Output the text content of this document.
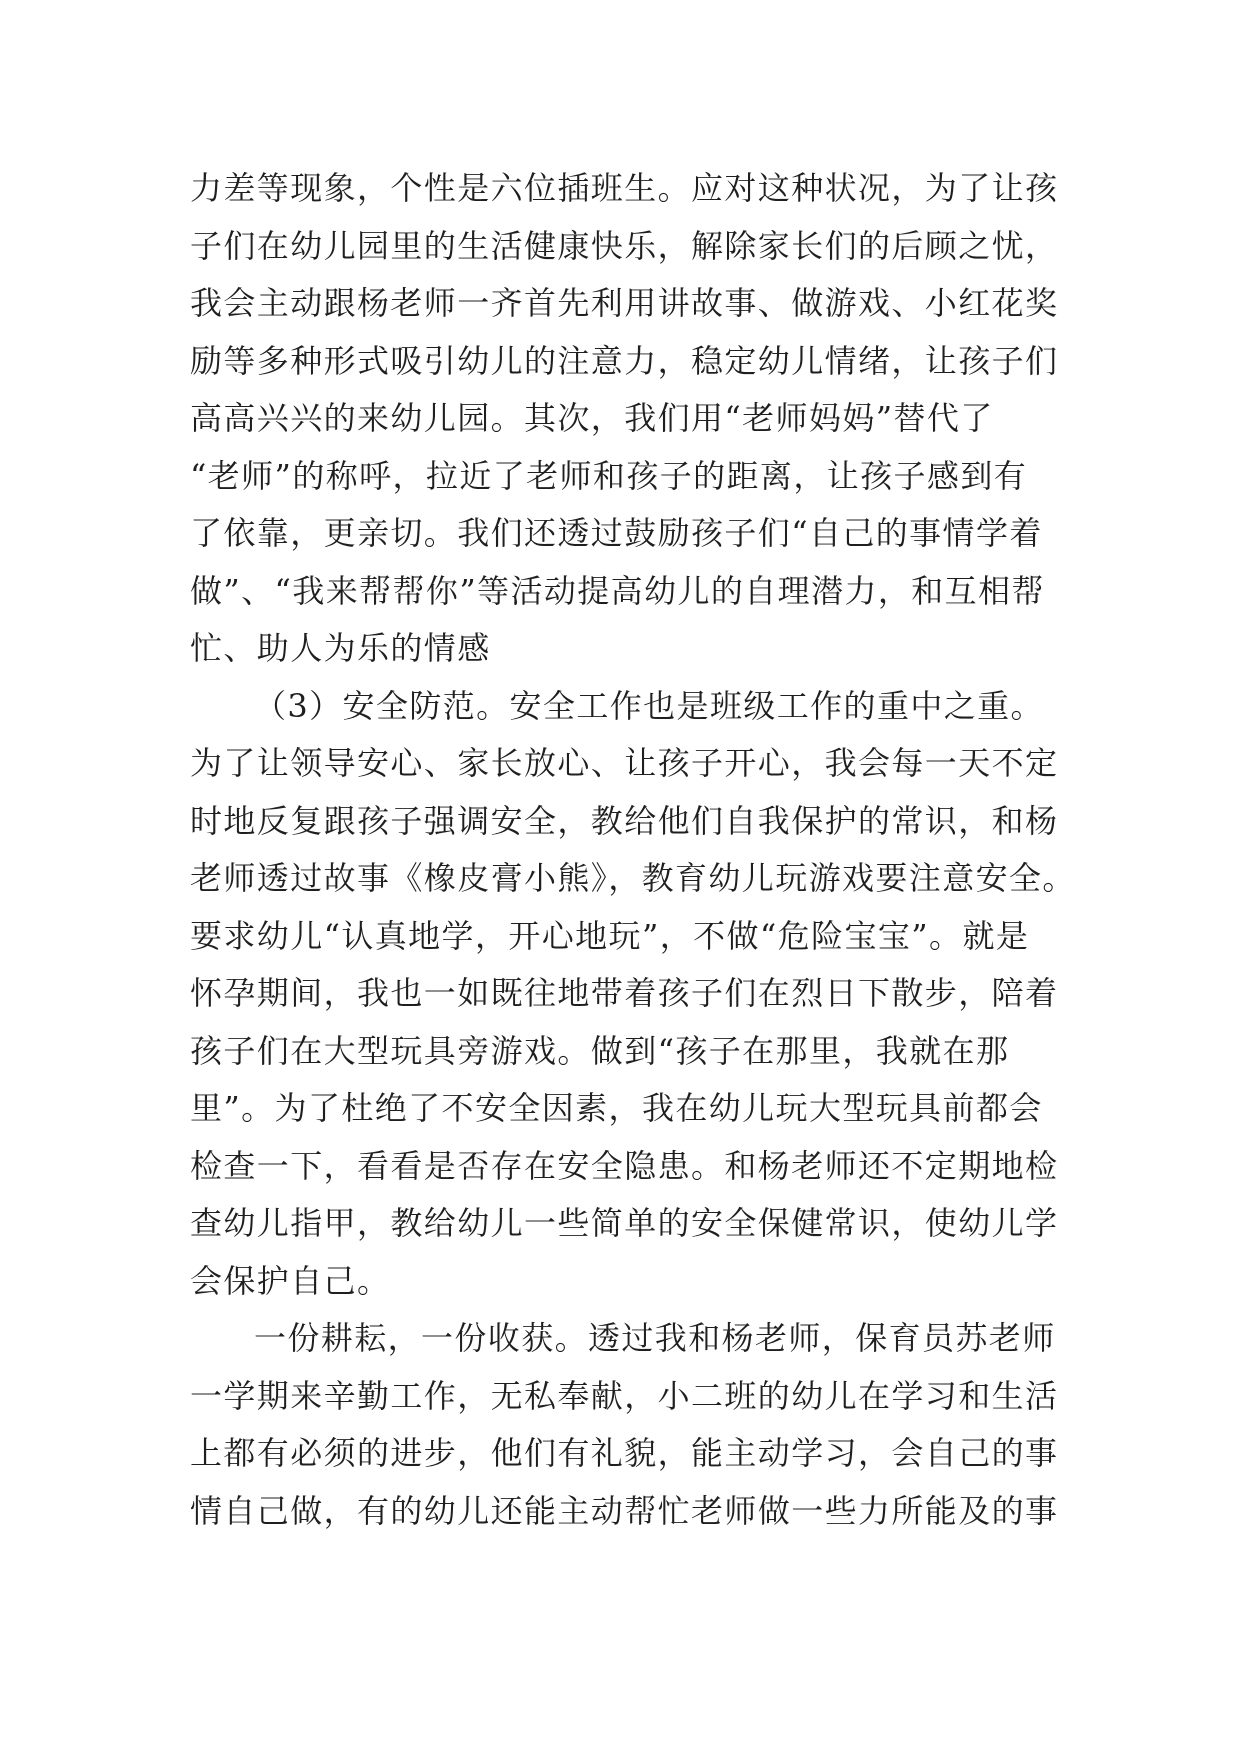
力差等现象，个性是六位插班生。应对这种状况，为了让孩
子们在幼儿园里的生活健康快乐，解除家长们的后顾之忧，
我会主动跟杨老师一齐首先利用讲故事、做游戏、小红花奖
励等多种形式吸引幼儿的注意力，稳定幼儿情绪，让孩子们
高高兴兴的来幼儿园。其次，我们用“老师妈妈”替代了
“老师”的称呼，拉近了老师和孩子的距离，让孩子感到有
了依靠，更亲切。我们还透过鼓励孩子们“自己的事情学着
做”、“我来帮帮你”等活动提高幼儿的自理潜力，和互相帮
忙、助人为乐的情感
（3）安全防范。安全工作也是班级工作的重中之重。
为了让领导安心、家长放心、让孩子开心，我会每一天不定
时地反复跟孩子强调安全，教给他们自我保护的常识，和杨
老师透过故事《橡皮膏小熊》，教育幼儿玩游戏要注意安全。
要求幼儿“认真地学，开心地玩”，不做“危险宝宝”。就是
怀孕期间，我也一如既往地带着孩子们在烈日下散步，陪着
孩子们在大型玩具旁游戏。做到“孩子在那里，我就在那
里”。为了杜绝了不安全因素，我在幼儿玩大型玩具前都会
检查一下，看看是否存在安全隐患。和杨老师还不定期地检
查幼儿指甲，教给幼儿一些简单的安全保健常识，使幼儿学
会保护自己。
一份耕耘，一份收获。透过我和杨老师，保育员苏老师
一学期来辛勤工作，无私奉献，小二班的幼儿在学习和生活
上都有必须的进步，他们有礼貌，能主动学习，会自己的事
情自己做，有的幼儿还能主动帮忙老师做一些力所能及的事
